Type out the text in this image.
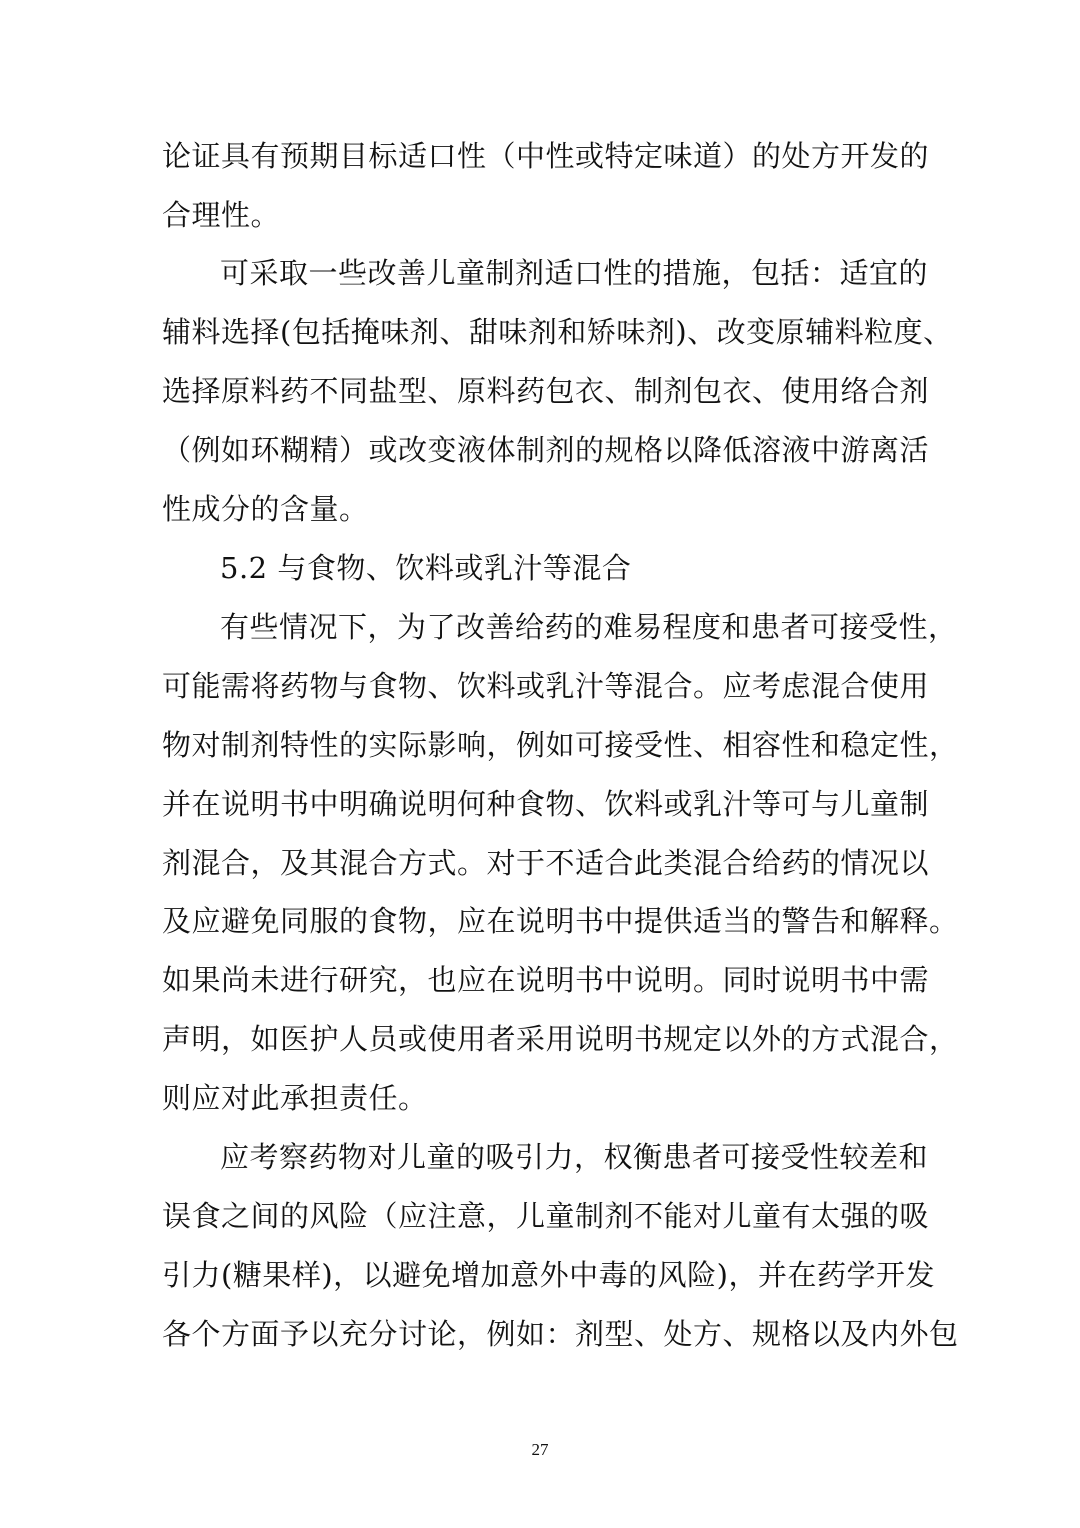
论证具有预期目标适口性（中性或特定味道）的处方开发的
合理性。
可采取一些改善儿童制剂适口性的措施，包括：适宜的
辅料选择(包括掩味剂、甜味剂和矫味剂)、改变原辅料粒度、
选择原料药不同盐型、原料药包衣、制剂包衣、使用络合剂
（例如环糊精）或改变液体制剂的规格以降低溶液中游离活
性成分的含量。
5.2 与食物、饮料或乳汁等混合
有些情况下，为了改善给药的难易程度和患者可接受性，
可能需将药物与食物、饮料或乳汁等混合。应考虑混合使用
物对制剂特性的实际影响，例如可接受性、相容性和稳定性，
并在说明书中明确说明何种食物、饮料或乳汁等可与儿童制
剂混合，及其混合方式。对于不适合此类混合给药的情况以
及应避免同服的食物，应在说明书中提供适当的警告和解释。
如果尚未进行研究，也应在说明书中说明。同时说明书中需
声明，如医护人员或使用者采用说明书规定以外的方式混合，
则应对此承担责任。
应考察药物对儿童的吸引力，权衡患者可接受性较差和
误食之间的风险（应注意，儿童制剂不能对儿童有太强的吸
引力(糖果样)，以避免增加意外中毒的风险)，并在药学开发
各个方面予以充分讨论，例如：剂型、处方、规格以及内外包
27
